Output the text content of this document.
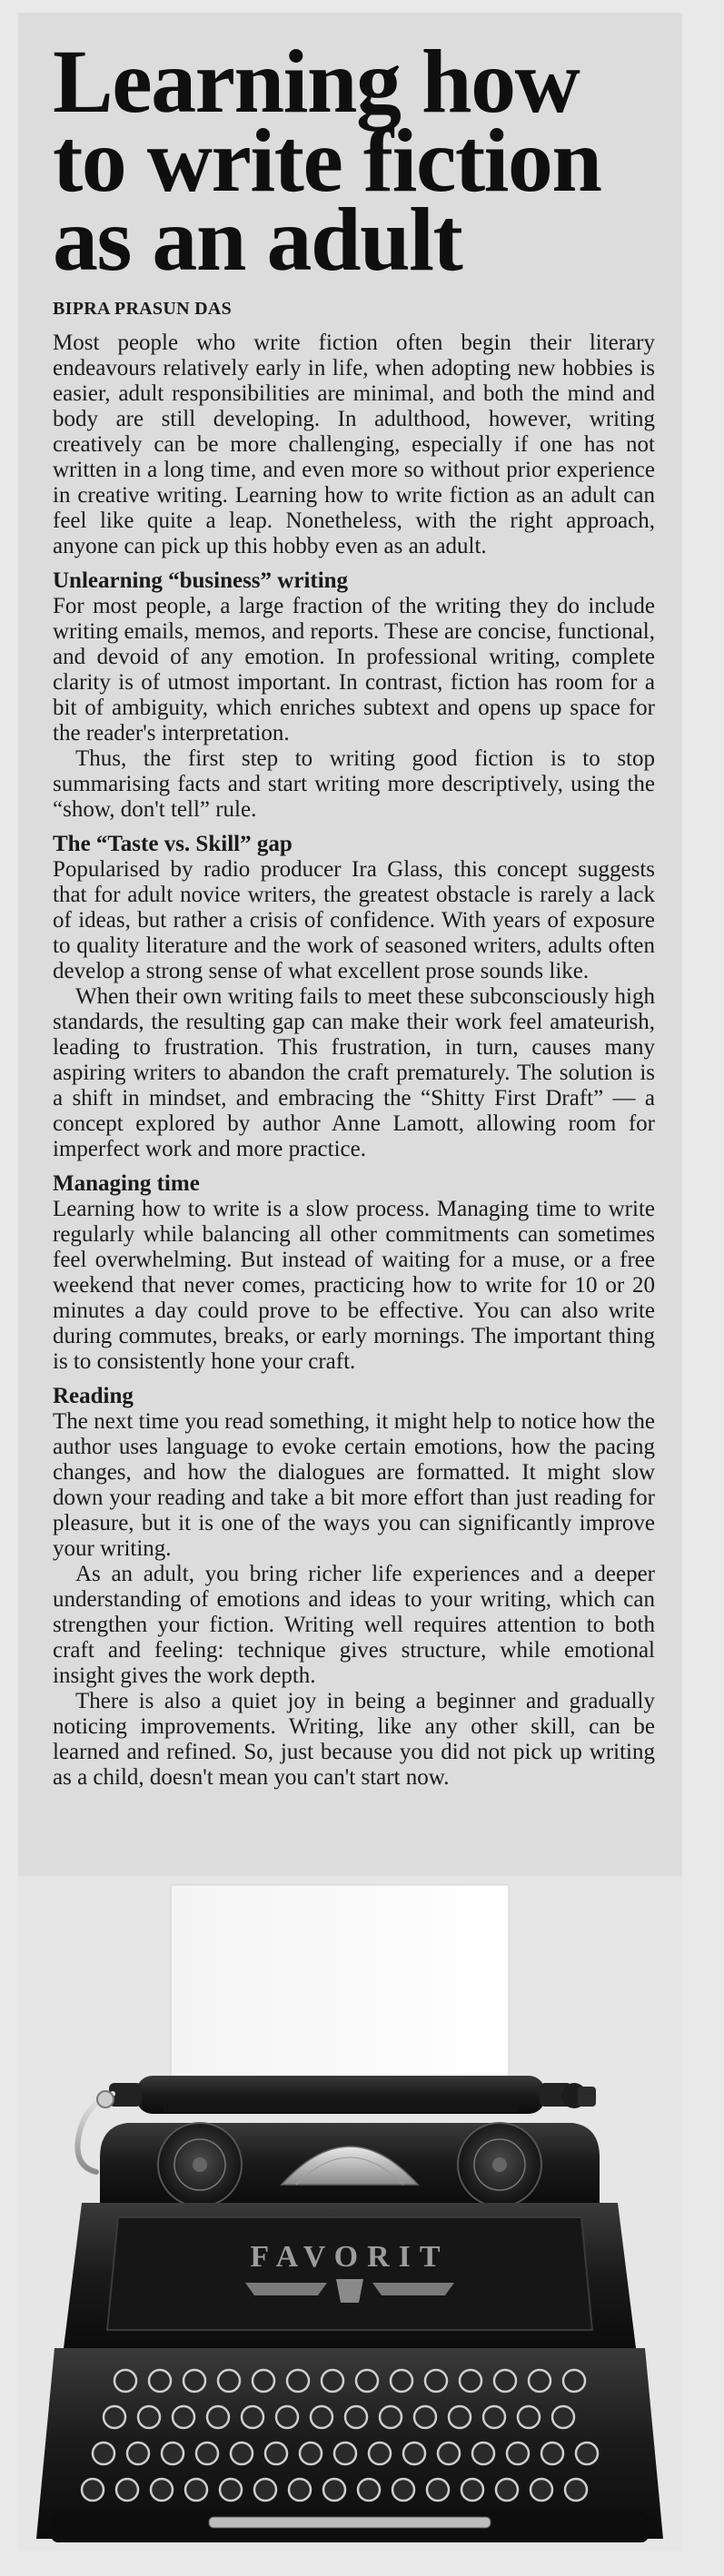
Learning how
to write fiction
as an adult
BIPRA PRASUN DAS

Most people who write fiction often begin their literary endeavours relatively early in life, when adopting new hobbies is easier, adult responsibilities are minimal, and both the mind and body are still developing. In adulthood, however, writing creatively can be more challenging, especially if one has not written in a long time, and even more so without prior experience in creative writing. Learning how to write fiction as an adult can feel like quite a leap. Nonetheless, with the right approach, anyone can pick up this hobby even as an adult.

Unlearning “business” writing

For most people, a large fraction of the writing they do include writing emails, memos, and reports. These are concise, functional, and devoid of any emotion. In professional writing, complete clarity is of utmost important. In contrast, fiction has room for a bit of ambiguity, which enriches subtext and opens up space for the reader's interpretation.

Thus, the first step to writing good fiction is to stop summarising facts and start writing more descriptively, using the “show, don't tell” rule.

The “Taste vs. Skill” gap

Popularised by radio producer Ira Glass, this concept suggests that for adult novice writers, the greatest obstacle is rarely a lack of ideas, but rather a crisis of confidence. With years of exposure to quality literature and the work of seasoned writers, adults often develop a strong sense of what excellent prose sounds like.

When their own writing fails to meet these subconsciously high standards, the resulting gap can make their work feel amateurish, leading to frustration. This frustration, in turn, causes many aspiring writers to abandon the craft prematurely. The solution is a shift in mindset, and embracing the “Shitty First Draft” — a concept explored by author Anne Lamott, allowing room for imperfect work and more practice.

Managing time

Learning how to write is a slow process. Managing time to write regularly while balancing all other commitments can sometimes feel overwhelming. But instead of waiting for a muse, or a free weekend that never comes, practicing how to write for 10 or 20 minutes a day could prove to be effective. You can also write during commutes, breaks, or early mornings. The important thing is to consistently hone your craft.

Reading

The next time you read something, it might help to notice how the author uses language to evoke certain emotions, how the pacing changes, and how the dialogues are formatted. It might slow down your reading and take a bit more effort than just reading for pleasure, but it is one of the ways you can significantly improve your writing.

As an adult, you bring richer life experiences and a deeper understanding of emotions and ideas to your writing, which can strengthen your fiction. Writing well requires attention to both craft and feeling: technique gives structure, while emotional insight gives the work depth.

There is also a quiet joy in being a beginner and gradually noticing improvements. Writing, like any other skill, can be learned and refined. So, just because you did not pick up writing as a child, doesn't mean you can't start now.

FAVORIT
